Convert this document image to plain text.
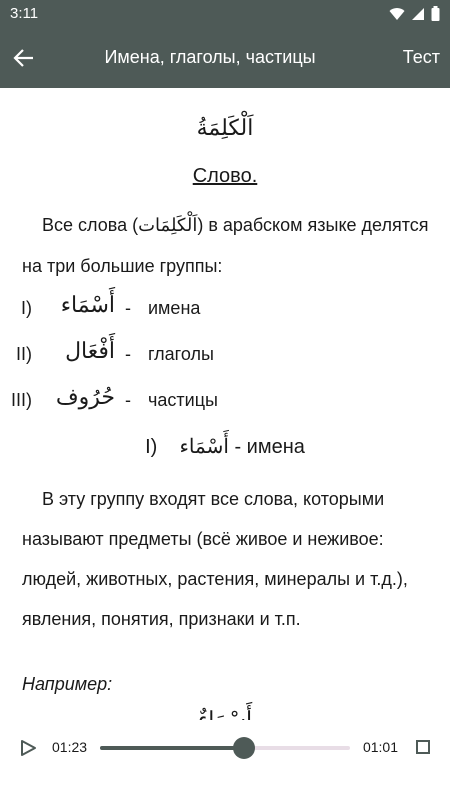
3:11
Имена, глаголы, частицы	Тест
اَلْكَلِمَةُ
Слово.
Все слова (اَلْكَلِمَات) в арабском языке делятся на три большие группы:
I) أَسْمَاء - имена
II) أَفْعَال - глаголы
III) حُرُوف - частицы
I) أَسْمَاء - имена
В эту группу входят все слова, которыми называют предметы (всё живое и неживое: людей, животных, растения, минералы и т.д.), явления, понятия, признаки и т.п.
Например:
01:23	01:01
